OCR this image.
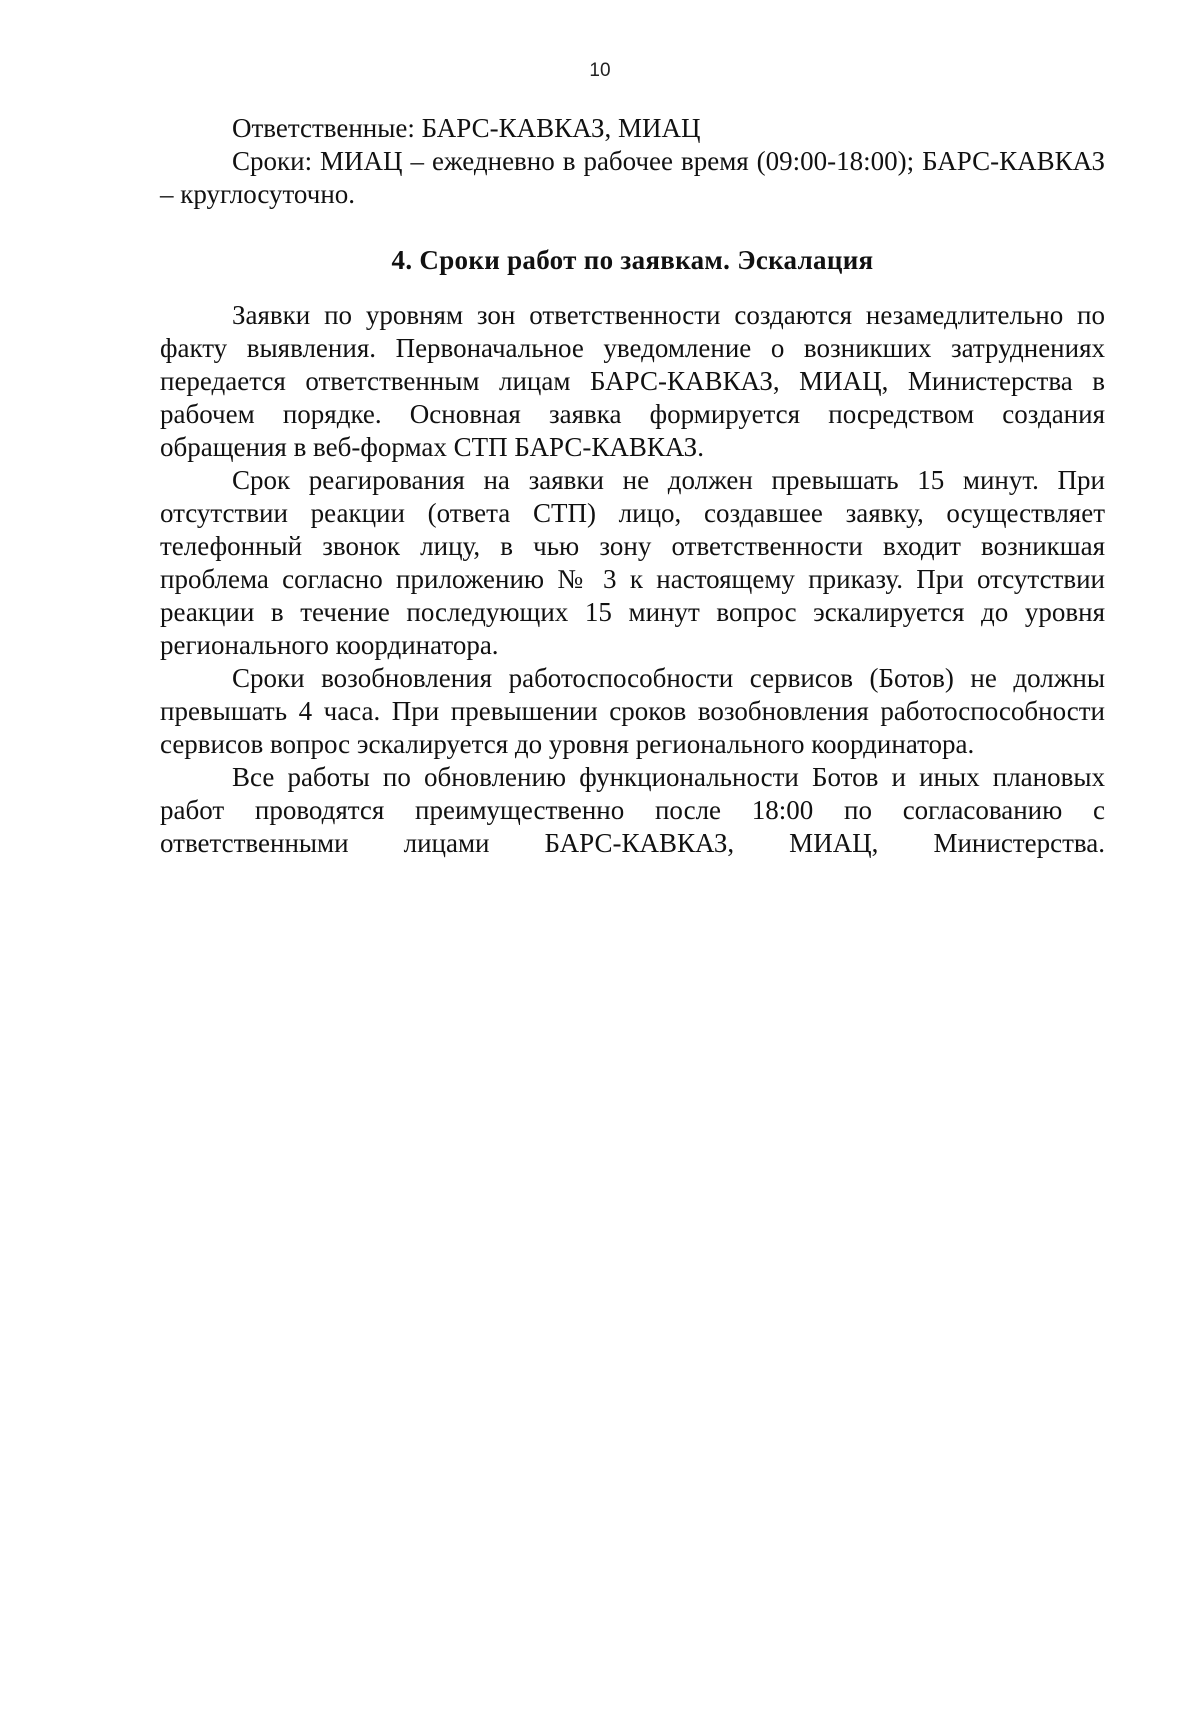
10

Ответственные: БАРС-КАВКАЗ, МИАЦ

Сроки: МИАЦ – ежедневно в рабочее время (09:00-18:00); БАРС-КАВКАЗ – круглосуточно.

4. Сроки работ по заявкам. Эскалация

Заявки по уровням зон ответственности создаются незамедлительно по факту выявления. Первоначальное уведомление о возникших затруднениях передается ответственным лицам БАРС-КАВКАЗ, МИАЦ, Министерства в рабочем порядке. Основная заявка формируется посредством создания обращения в веб-формах СТП БАРС-КАВКАЗ.

Срок реагирования на заявки не должен превышать 15 минут. При отсутствии реакции (ответа СТП) лицо, создавшее заявку, осуществляет телефонный звонок лицу, в чью зону ответственности входит возникшая проблема согласно приложению № 3 к настоящему приказу. При отсутствии реакции в течение последующих 15 минут вопрос эскалируется до уровня регионального координатора.

Сроки возобновления работоспособности сервисов (Ботов) не должны превышать 4 часа. При превышении сроков возобновления работоспособности сервисов вопрос эскалируется до уровня регионального координатора.

Все работы по обновлению функциональности Ботов и иных плановых работ проводятся преимущественно после 18:00 по согласованию с ответственными лицами БАРС-КАВКАЗ, МИАЦ, Министерства.
